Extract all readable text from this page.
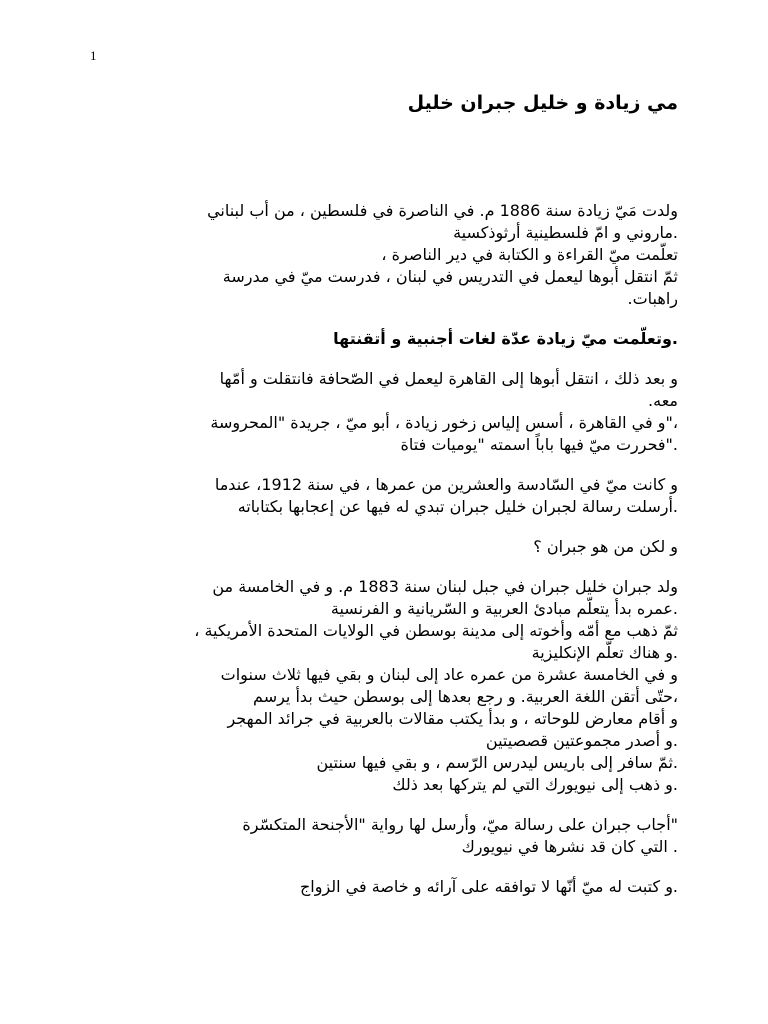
1
مي زيادة و خليل جبران خليل

ولدت مَيّ زيادة سنة 1886 م. في الناصرة في فلسطين ، من أب لبناني

.ماروني و امّ فلسطينية أرثوذكسية

تعلّمت ميّ القراءة و الكتابة في دير الناصرة ،

ثمّ انتقل أبوها ليعمل في التدريس في لبنان ، فدرست ميّ في مدرسة

راهبات.

.وتعلّمت ميّ زيادة عدّة لغات أجنبية و أتقنتها

و بعد ذلك ، انتقل أبوها إلى القاهرة ليعمل في الصّحافة فانتقلت و أمّها

معه.

،"و في القاهرة ، أسس إلياس زخور زيادة ، أبو ميّ ، جريدة "المحروسة

."فحررت ميّ فيها باباً اسمته "يوميات فتاة

و كانت ميّ في السّادسة والعشرين من عمرها ، في سنة 1912، عندما

.أرسلت رسالة لجبران خليل جبران تبدي له فيها عن إعجابها بكتاباته

و لكن من هو جبران ؟

ولد جبران خليل جبران في جبل لبنان سنة 1883 م. و في الخامسة من

.عمره بدأ يتعلّم مبادئ العربية و السّريانية و الفرنسية

ثمّ ذهب مع أمّه وأخوته إلى مدينة بوسطن في الولايات المتحدة الأمريكية ،

.و هناك تعلّم الإنكليزية

و في الخامسة عشرة من عمره عاد إلى لبنان و بقي فيها ثلاث سنوات

،حتّى أتقن اللغة العربية. و رجع بعدها إلى بوسطن حيث بدأ يرسم

و أقام معارض للوحاته ، و بدأ يكتب مقالات بالعربية في جرائد المهجر

.و أصدر مجموعتين قصصيتين

.ثمّ سافر إلى باريس ليدرس الرّسم ، و بقي فيها سنتين

.و ذهب إلى نيويورك التي لم يتركها بعد ذلك

"أجاب جبران على رسالة ميّ، وأرسل لها رواية "الأجنحة المتكسّرة

. التي كان قد نشرها في نيويورك

.و كتبت له ميّ أنّها لا توافقه على آرائه و خاصة في الزواج
